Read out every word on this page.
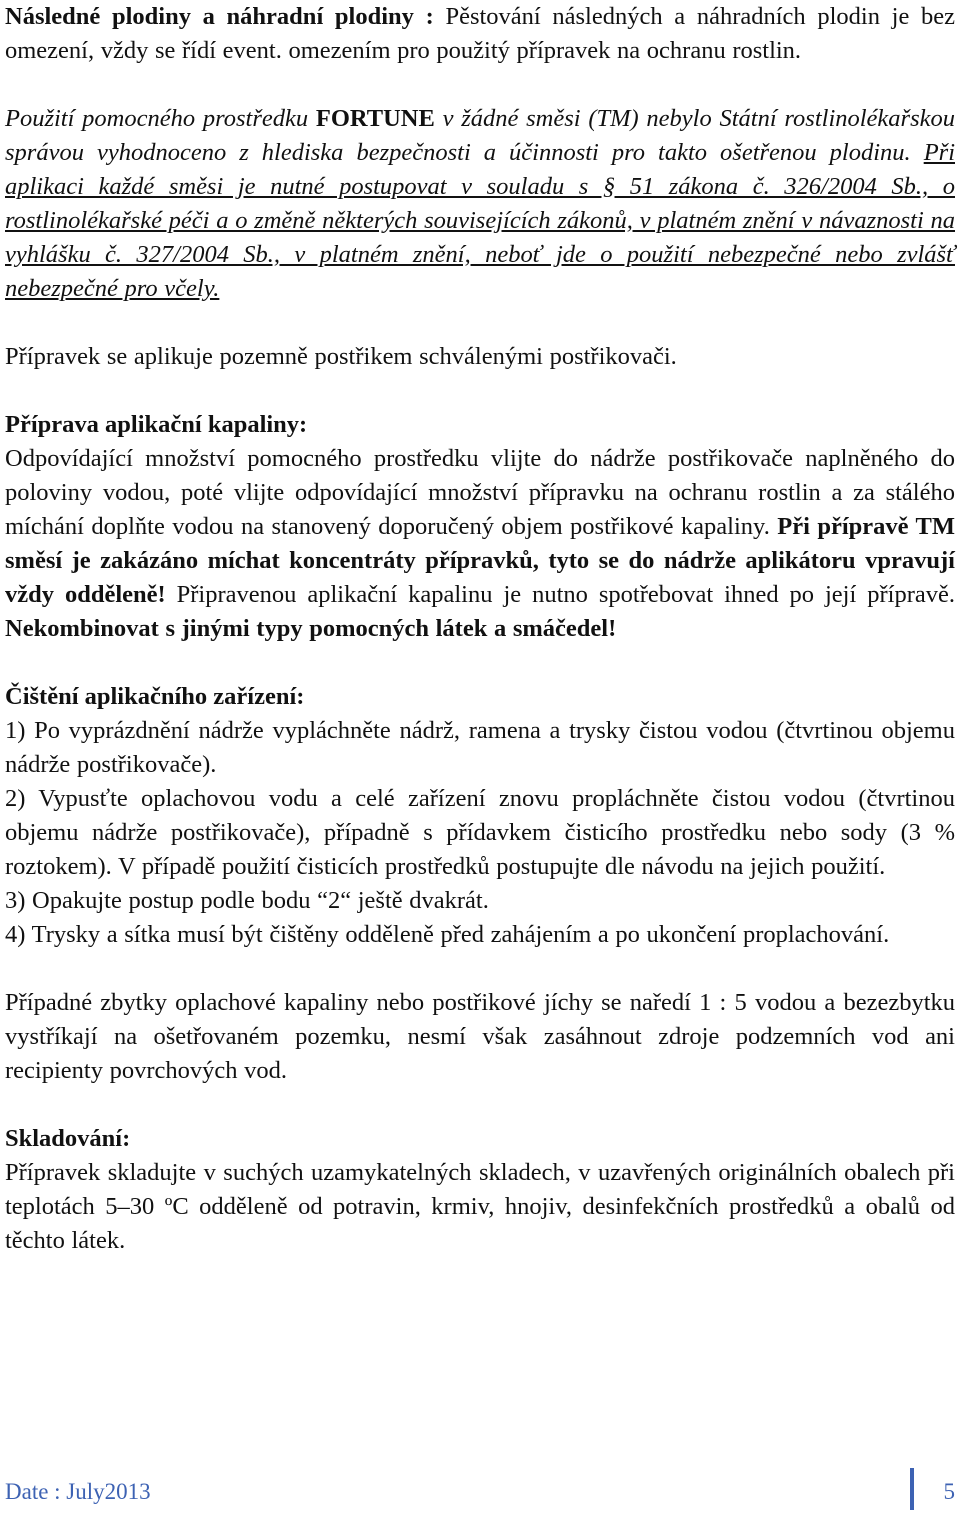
Následné plodiny a náhradní plodiny : Pěstování následných a náhradních plodin je bez omezení, vždy se řídí event. omezením pro použitý přípravek na ochranu rostlin.

Použití pomocného prostředku FORTUNE v žádné směsi (TM) nebylo Státní rostlinolékařskou správou vyhodnoceno z hlediska bezpečnosti a účinnosti pro takto ošetřenou plodinu. Při aplikaci každé směsi je nutné postupovat v souladu s § 51 zákona č. 326/2004 Sb., o rostlinolékařské péči a o změně některých souvisejících zákonů, v platném znění v návaznosti na vyhlášku č. 327/2004 Sb., v platném znění, neboť jde o použití nebezpečné nebo zvlášť nebezpečné pro včely.

Přípravek se aplikuje pozemně postřikem schválenými postřikovači.

Příprava aplikační kapaliny:

Odpovídající množství pomocného prostředku vlijte do nádrže postřikovače naplněného do poloviny vodou, poté vlijte odpovídající množství přípravku na ochranu rostlin a za stálého míchání doplňte vodou na stanovený doporučený objem postřikové kapaliny. Při přípravě TM směsí je zakázáno míchat koncentráty přípravků, tyto se do nádrže aplikátoru vpravují vždy odděleně! Připravenou aplikační kapalinu je nutno spotřebovat ihned po její přípravě. Nekombinovat s jinými typy pomocných látek a smáčedel!

Čištění aplikačního zařízení:

1) Po vyprázdnění nádrže vypláchněte nádrž, ramena a trysky čistou vodou (čtvrtinou objemu nádrže postřikovače).

2) Vypusťte oplachovou vodu a celé zařízení znovu propláchněte čistou vodou (čtvrtinou objemu nádrže postřikovače), případně s přídavkem čisticího prostředku nebo sody (3 % roztokem). V případě použití čisticích prostředků postupujte dle návodu na jejich použití.

3) Opakujte postup podle bodu “2“ ještě dvakrát.

4) Trysky a sítka musí být čištěny odděleně před zahájením a po ukončení proplachování.

Případné zbytky oplachové kapaliny nebo postřikové jíchy se naředí 1 : 5 vodou a bezezbytku vystříkají na ošetřovaném pozemku, nesmí však zasáhnout zdroje podzemních vod ani recipienty povrchových vod.

Skladování:

Přípravek skladujte v suchých uzamykatelných skladech, v uzavřených originálních obalech při teplotách 5–30 ºC odděleně od potravin, krmiv, hnojiv, desinfekčních prostředků a obalů od těchto látek.

Date : July2013	5
